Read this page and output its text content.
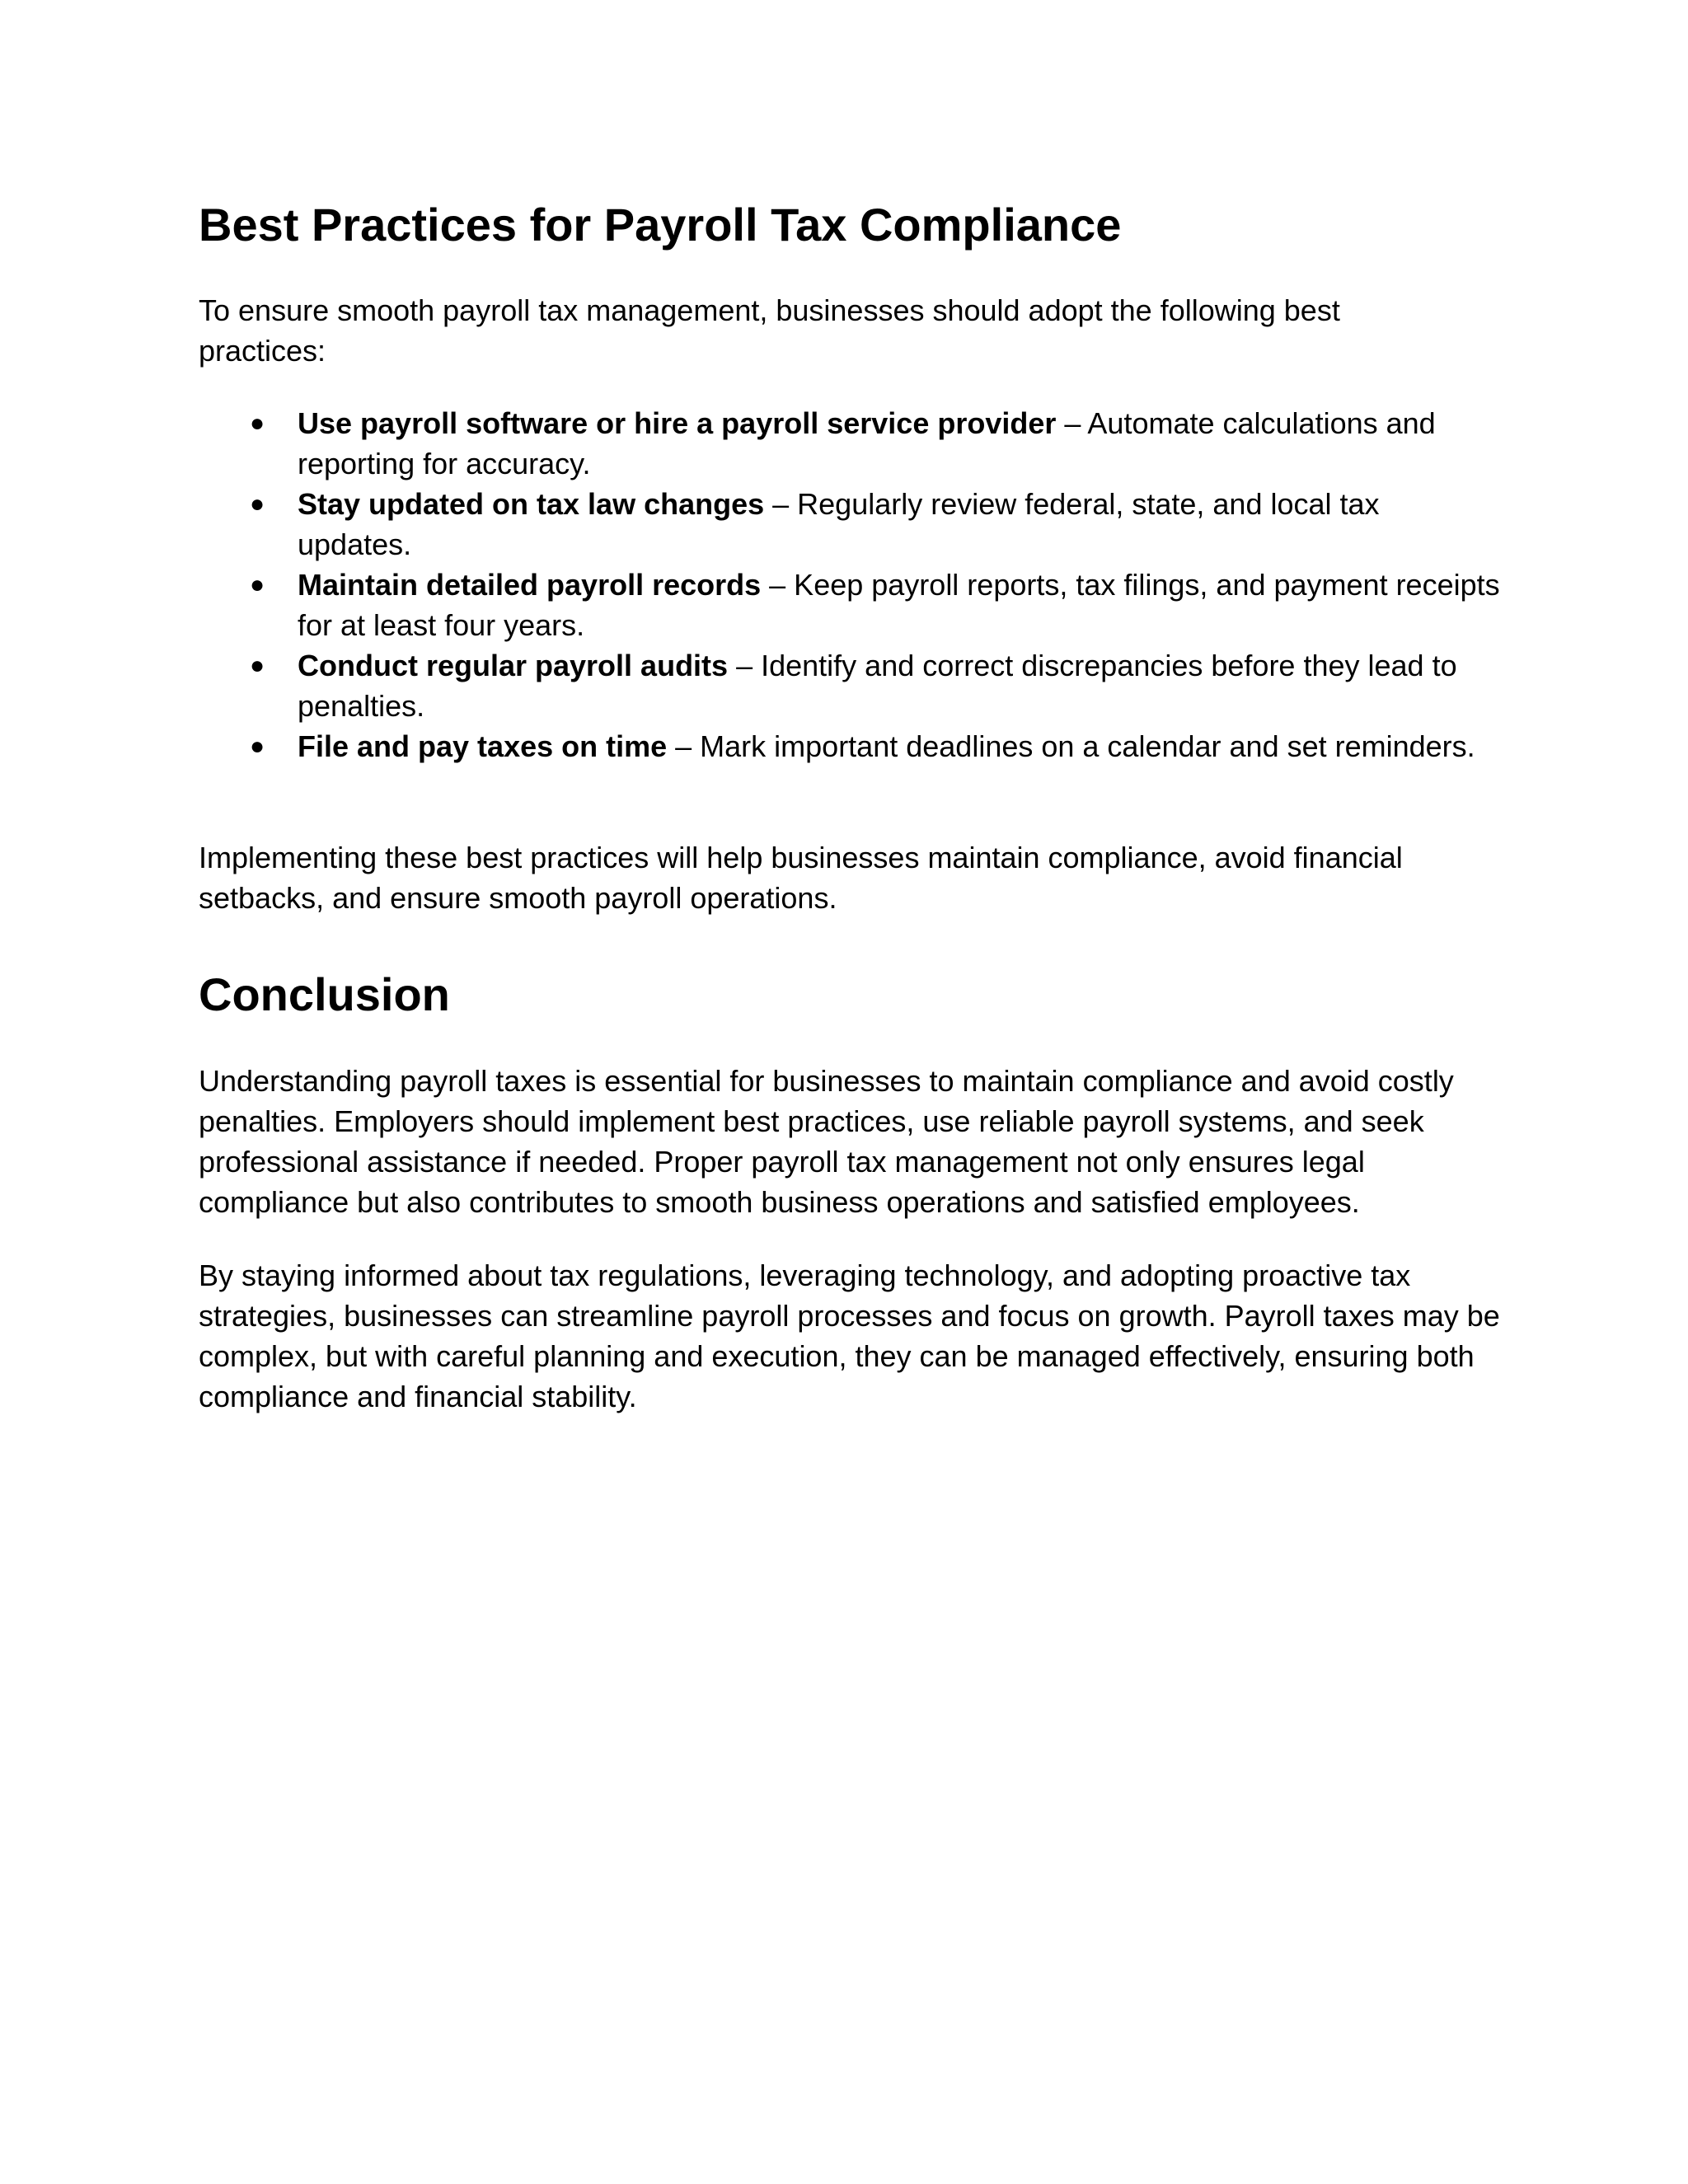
Best Practices for Payroll Tax Compliance

To ensure smooth payroll tax management, businesses should adopt the following best practices:

● Use payroll software or hire a payroll service provider – Automate calculations and reporting for accuracy.
● Stay updated on tax law changes – Regularly review federal, state, and local tax updates.
● Maintain detailed payroll records – Keep payroll reports, tax filings, and payment receipts for at least four years.
● Conduct regular payroll audits – Identify and correct discrepancies before they lead to penalties.
● File and pay taxes on time – Mark important deadlines on a calendar and set reminders.

Implementing these best practices will help businesses maintain compliance, avoid financial setbacks, and ensure smooth payroll operations.

Conclusion

Understanding payroll taxes is essential for businesses to maintain compliance and avoid costly penalties. Employers should implement best practices, use reliable payroll systems, and seek professional assistance if needed. Proper payroll tax management not only ensures legal compliance but also contributes to smooth business operations and satisfied employees.

By staying informed about tax regulations, leveraging technology, and adopting proactive tax strategies, businesses can streamline payroll processes and focus on growth. Payroll taxes may be complex, but with careful planning and execution, they can be managed effectively, ensuring both compliance and financial stability.
